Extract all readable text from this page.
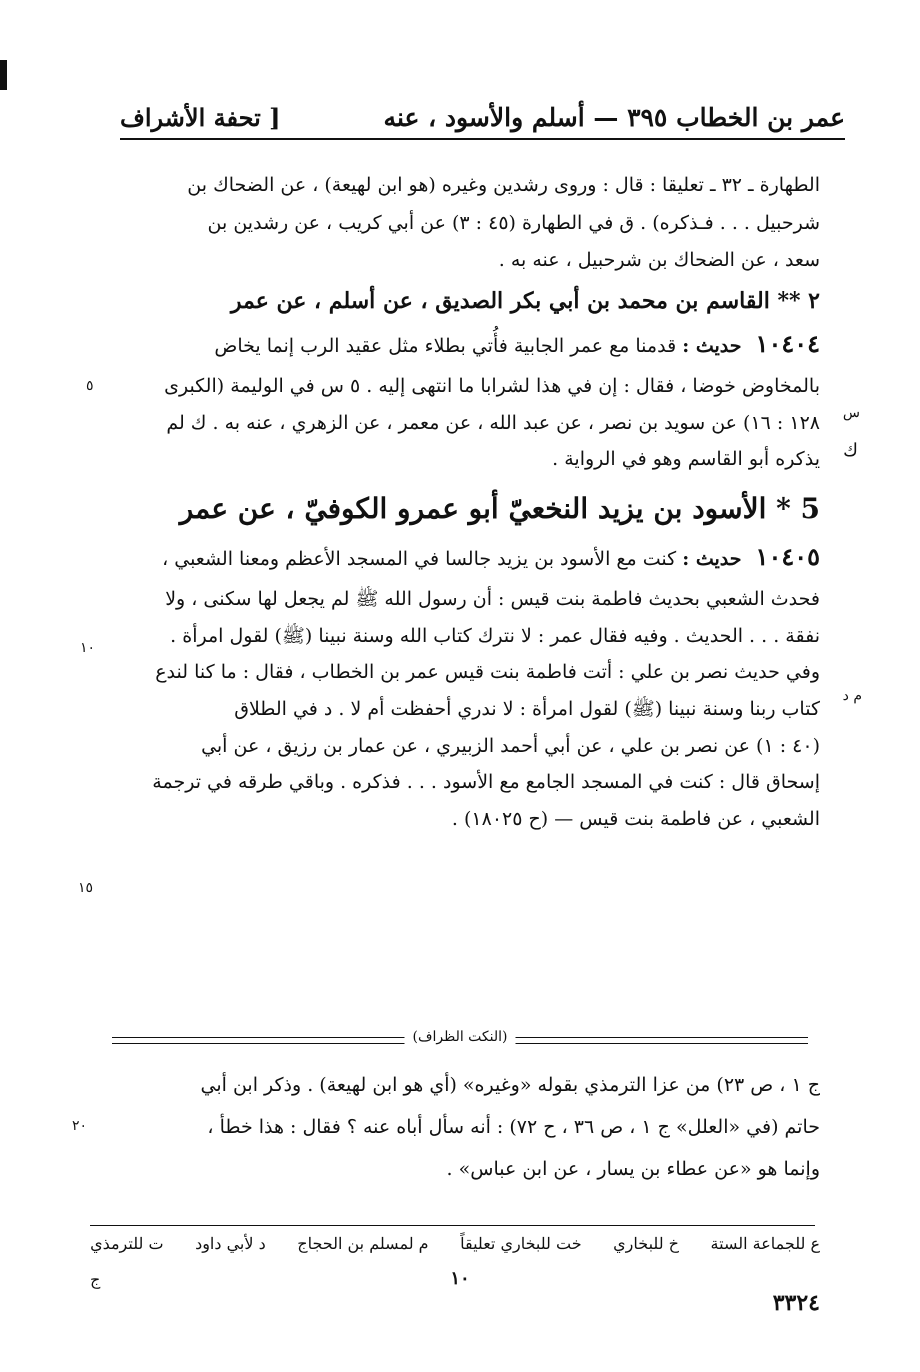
عمر بن الخطاب ٣٩٥ — أسلم والأسود ، عنه
[ تحفة الأشراف

الطهارة ـ ٣٢ ـ تعليقا : قال : وروى رشدين وغيره (هو ابن لهيعة) ، عن الضحاك بن

شرحبيل . . . فـذكره) . ق في الطهارة (٤٥ : ٣) عن أبي كريب ، عن رشدين بن

سعد ، عن الضحاك بن شرحبيل ، عنه به .

٢ ** القاسم بن محمد بن أبي بكر الصديق ، عن أسلم ، عن عمر

١٠٤٠٤ حديث : قدمنا مع عمر الجابية فأُتي بطلاء مثل عقيد الرب إنما يخاض

بالمخاوض خوضا ، فقال : إن في هذا لشرابا ما انتهى إليه . ٥ س في الوليمة (الكبرى

١٢٨ : ١٦) عن سويد بن نصر ، عن عبد الله ، عن معمر ، عن الزهري ، عنه به . ك لم

يذكره أبو القاسم وهو في الرواية .

5 * الأسود بن يزيد النخعيّ أبو عمرو الكوفيّ ، عن عمر

١٠٤٠٥ حديث : كنت مع الأسود بن يزيد جالسا في المسجد الأعظم ومعنا الشعبي ،

فحدث الشعبي بحديث فاطمة بنت قيس : أن رسول الله ﷺ لم يجعل لها سكنى ، ولا

نفقة . . . الحديث . وفيه فقال عمر : لا نترك كتاب الله وسنة نبينا (ﷺ) لقول امرأة .

وفي حديث نصر بن علي : أتت فاطمة بنت قيس عمر بن الخطاب ، فقال : ما كنا لندع

كتاب ربنا وسنة نبينا (ﷺ) لقول امرأة : لا ندري أحفظت أم لا . د في الطلاق

(٤٠ : ١) عن نصر بن علي ، عن أبي أحمد الزبيري ، عن عمار بن رزيق ، عن أبي

إسحاق قال : كنت في المسجد الجامع مع الأسود . . . فذكره . وباقي طرقه في ترجمة

الشعبي ، عن فاطمة بنت قيس — (ح ١٨٠٢٥) .

س
ك
٥
م د
١٠
١٥
(النكت الظراف)

ج ١ ، ص ٢٣) من عزا الترمذي بقوله «وغيره» (أي هو ابن لهيعة) . وذكر ابن أبي

حاتم (في «العلل» ج ١ ، ص ٣٦ ، ح ٧٢) : أنه سأل أباه عنه ؟ فقال : هذا خطأ ،

وإنما هو «عن عطاء بن يسار ، عن ابن عباس» .

٢٠
ع للجماعة الستة
خ للبخاري
خت للبخاري تعليقاً
م لمسلم بن الحجاج
د لأبي داود
ت للترمذي
ج	١٠
٣٣٢٤
